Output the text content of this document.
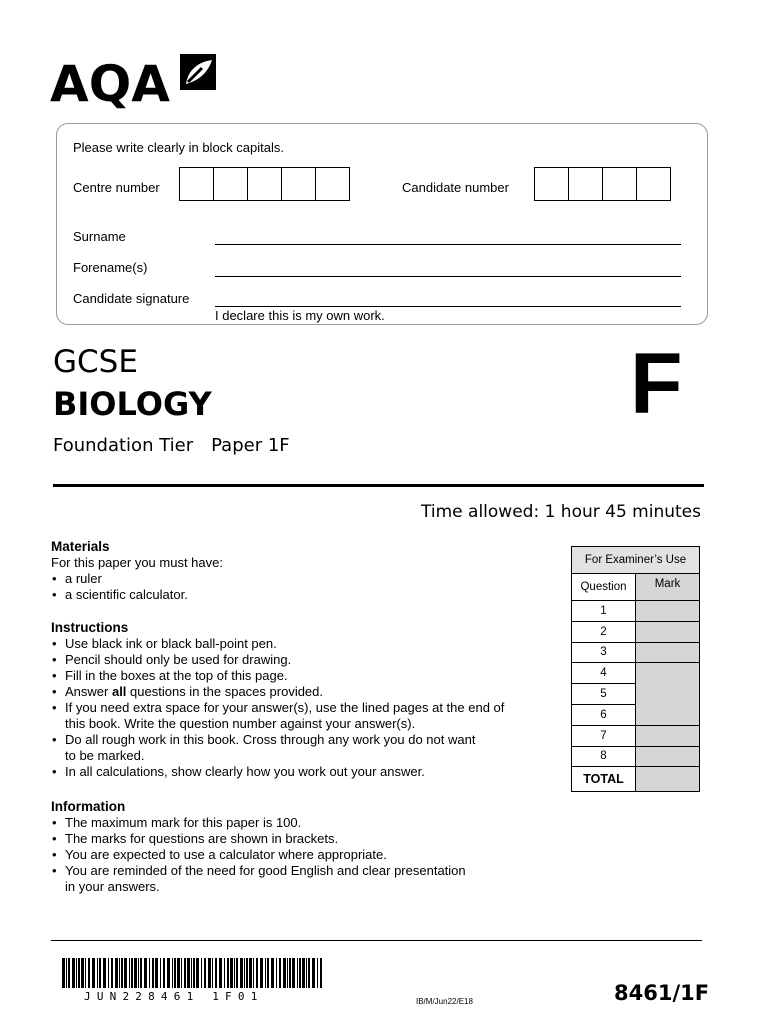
AQA
Please write clearly in block capitals.
Centre number	Candidate number
Surname
Forename(s)
Candidate signature
I declare this is my own work.
GCSE
BIOLOGY
Foundation Tier Paper 1F
F
Time allowed: 1 hour 45 minutes
Materials
For this paper you must have:
• a ruler
• a scientific calculator.
Instructions
• Use black ink or black ball-point pen.
• Pencil should only be used for drawing.
• Fill in the boxes at the top of this page.
• Answer all questions in the spaces provided.
• If you need extra space for your answer(s), use the lined pages at the end of
this book. Write the question number against your answer(s).
• Do all rough work in this book. Cross through any work you do not want
to be marked.
• In all calculations, show clearly how you work out your answer.
Information
• The maximum mark for this paper is 100.
• The marks for questions are shown in brackets.
• You are expected to use a calculator where appropriate.
• You are reminded of the need for good English and clear presentation
in your answers.
For Examiner’s Use	
Question	Mark
1	
2	
3	
4	
5	
6	
7	
8	
TOTAL	
JUN228461 1F01	IB/M/Jun22/E18	8461/1F
